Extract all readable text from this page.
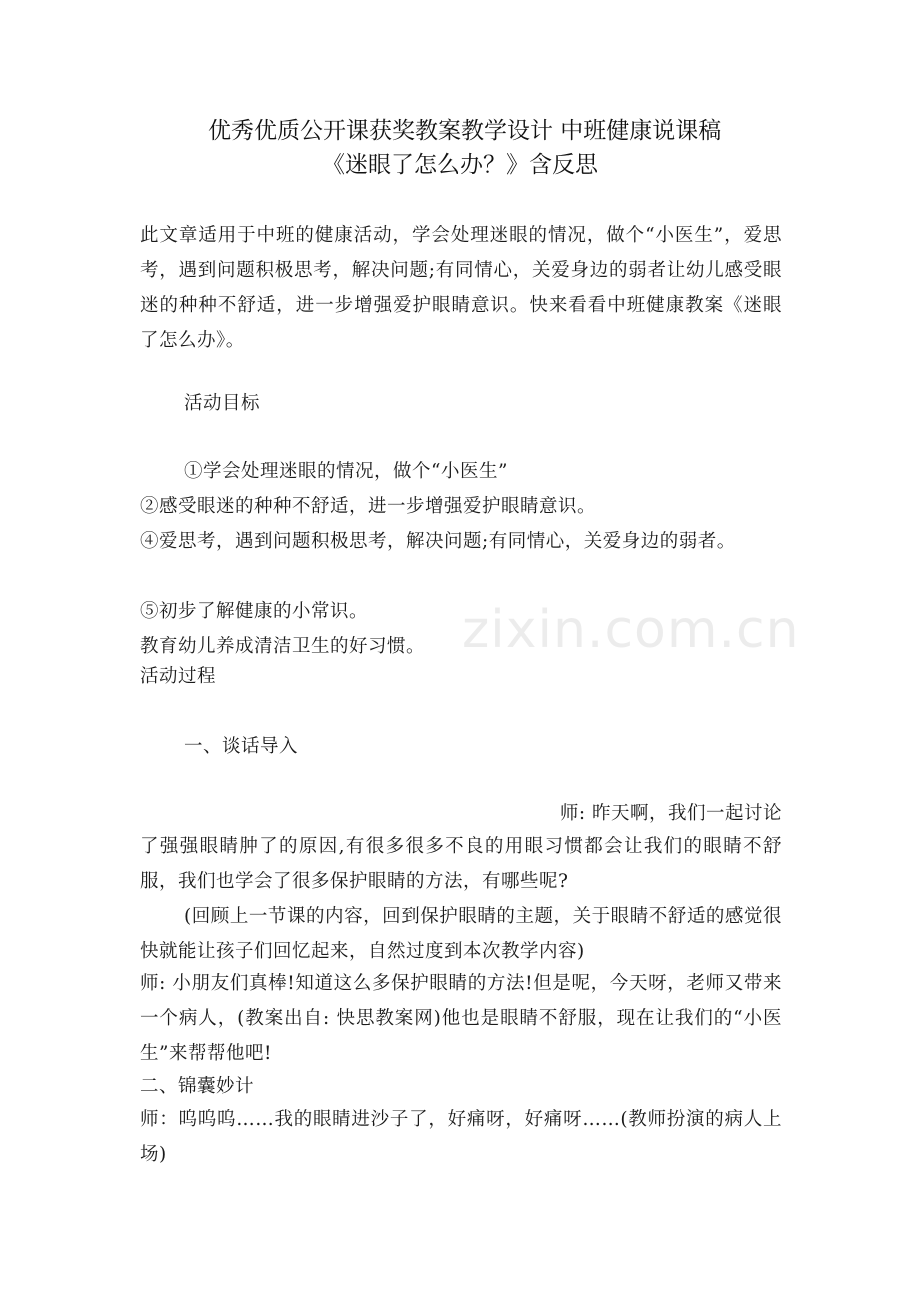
优秀优质公开课获奖教案教学设计 中班健康说课稿
《迷眼了怎么办？》含反思

此文章适用于中班的健康活动，学会处理迷眼的情况，做个“小医生”，爱思考，遇到问题积极思考，解决问题;有同情心，关爱身边的弱者让幼儿感受眼迷的种种不舒适，进一步增强爱护眼睛意识。快来看看中班健康教案《迷眼了怎么办》。

活动目标

①学会处理迷眼的情况，做个“小医生”

②感受眼迷的种种不舒适，进一步增强爱护眼睛意识。

④爱思考，遇到问题积极思考，解决问题;有同情心，关爱身边的弱者。

⑤初步了解健康的小常识。

教育幼儿养成清洁卫生的好习惯。

活动过程

一、谈话导入

师: 昨天啊，我们一起讨论

了强强眼睛肿了的原因,有很多很多不良的用眼习惯都会让我们的眼睛不舒服，我们也学会了很多保护眼睛的方法，有哪些呢?

(回顾上一节课的内容，回到保护眼睛的主题，关于眼睛不舒适的感觉很快就能让孩子们回忆起来，自然过度到本次教学内容)

师: 小朋友们真棒!知道这么多保护眼睛的方法!但是呢，今天呀，老师又带来一个病人，(教案出自: 快思教案网)他也是眼睛不舒服，现在让我们的“小医生”来帮帮他吧!

二、锦囊妙计

师：呜呜呜……我的眼睛进沙子了，好痛呀，好痛呀……(教师扮演的病人上场)

zixin.com.cn
